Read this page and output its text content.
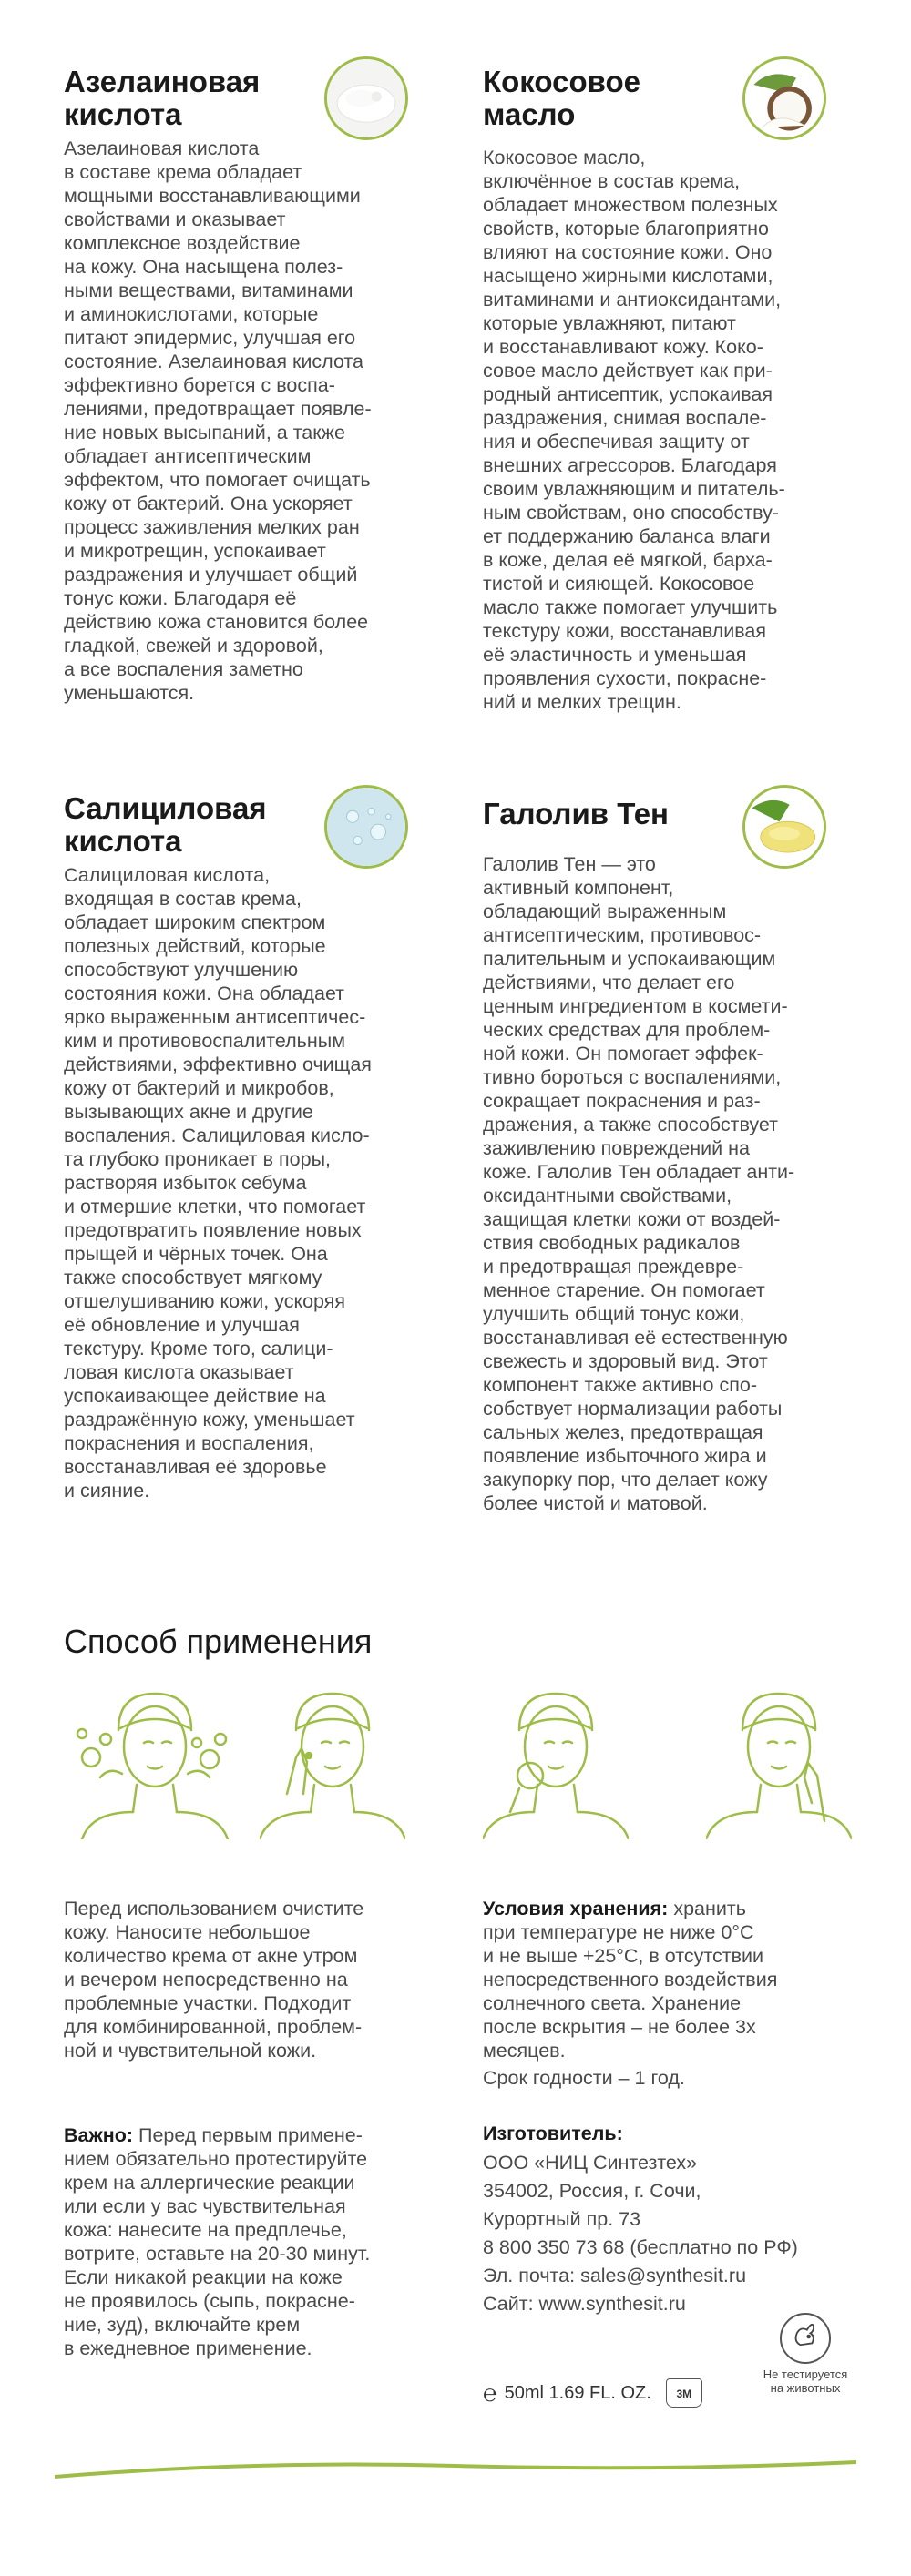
Азелаиновая
кислота

Азелаиновая кислота
в составе крема обладает
мощными восстанавливающими
свойствами и оказывает
комплексное воздействие
на кожу. Она насыщена полез-
ными веществами, витаминами
и аминокислотами, которые
питают эпидермис, улучшая его
состояние. Азелаиновая кислота
эффективно борется с воспа-
лениями, предотвращает появле-
ние новых высыпаний, а также
обладает антисептическим
эффектом, что помогает очищать
кожу от бактерий. Она ускоряет
процесс заживления мелких ран
и микротрещин, успокаивает
раздражения и улучшает общий
тонус кожи. Благодаря её
действию кожа становится более
гладкой, свежей и здоровой,
а все воспаления заметно
уменьшаются.

Кокосовое
масло

Кокосовое масло,
включённое в состав крема,
обладает множеством полезных
свойств, которые благоприятно
влияют на состояние кожи. Оно
насыщено жирными кислотами,
витаминами и антиоксидантами,
которые увлажняют, питают
и восстанавливают кожу. Коко-
совое масло действует как при-
родный антисептик, успокаивая
раздражения, снимая воспале-
ния и обеспечивая защиту от
внешних агрессоров. Благодаря
своим увлажняющим и питатель-
ным свойствам, оно способству-
ет поддержанию баланса влаги
в коже, делая её мягкой, барха-
тистой и сияющей. Кокосовое
масло также помогает улучшить
текстуру кожи, восстанавливая
её эластичность и уменьшая
проявления сухости, покрасне-
ний и мелких трещин.

Салициловая
кислота

Салициловая кислота,
входящая в состав крема,
обладает широким спектром
полезных действий, которые
способствуют улучшению
состояния кожи. Она обладает
ярко выраженным антисептичес-
ким и противовоспалительным
действиями, эффективно очищая
кожу от бактерий и микробов,
вызывающих акне и другие
воспаления. Салициловая кисло-
та глубоко проникает в поры,
растворяя избыток себума
и отмершие клетки, что помогает
предотвратить появление новых
прыщей и чёрных точек. Она
также способствует мягкому
отшелушиванию кожи, ускоряя
её обновление и улучшая
текстуру. Кроме того, салици-
ловая кислота оказывает
успокаивающее действие на
раздражённую кожу, уменьшает
покраснения и воспаления,
восстанавливая её здоровье
и сияние.

Галолив Тен

Галолив Тен — это
активный компонент,
обладающий выраженным
антисептическим, противовос-
палительным и успокаивающим
действиями, что делает его
ценным ингредиентом в космети-
ческих средствах для проблем-
ной кожи. Он помогает эффек-
тивно бороться с воспалениями,
сокращает покраснения и раз-
дражения, а также способствует
заживлению повреждений на
коже. Галолив Тен обладает анти-
оксидантными свойствами,
защищая клетки кожи от воздей-
ствия свободных радикалов
и предотвращая преждевре-
менное старение. Он помогает
улучшить общий тонус кожи,
восстанавливая её естественную
свежесть и здоровый вид. Этот
компонент также активно спо-
собствует нормализации работы
сальных желез, предотвращая
появление избыточного жира и
закупорку пор, что делает кожу
более чистой и матовой.

Способ применения

Перед использованием очистите
кожу. Наносите небольшое
количество крема от акне утром
и вечером непосредственно на
проблемные участки. Подходит
для комбинированной, проблем-
ной и чувствительной кожи.

Важно: Перед первым примене-
нием обязательно протестируйте
крем на аллергические реакции
или если у вас чувствительная
кожа: нанесите на предплечье,
вотрите, оставьте на 20-30 минут.
Если никакой реакции на коже
не проявилось (сыпь, покрасне-
ние, зуд), включайте крем
в ежедневное применение.

Условия хранения: хранить
при температуре не ниже 0°С
и не выше +25°С, в отсутствии
непосредственного воздействия
солнечного света. Хранение
после вскрытия – не более 3х
месяцев.

Срок годности – 1 год.

Изготовитель:

ООО «НИЦ Синтезтех»

354002, Россия, г. Сочи,

Курортный пр. 73

8 800 350 73 68 (бесплатно по РФ)

Эл. почта: sales@synthesit.ru

Сайт: www.synthesit.ru

℮ 50ml 1.69 FL. OZ.	3M

Не тестируется
на животных
